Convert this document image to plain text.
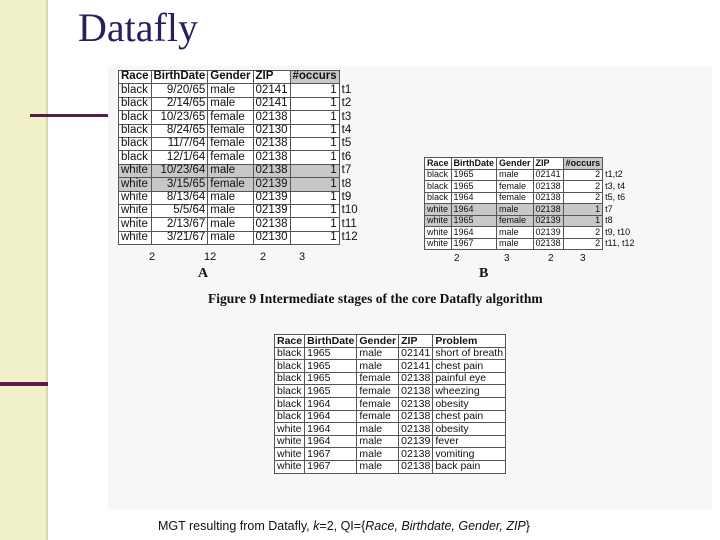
Datafly
Race	BirthDate	Gender	ZIP	#occurs	
black	9/20/65	male	02141	1	t1
black	2/14/65	male	02141	1	t2
black	10/23/65	female	02138	1	t3
black	8/24/65	female	02130	1	t4
black	11/7/64	female	02138	1	t5
black	12/1/64	female	02138	1	t6
white	10/23/64	male	02138	1	t7
white	3/15/65	female	02139	1	t8
white	8/13/64	male	02139	1	t9
white	5/5/64	male	02139	1	t10
white	2/13/67	male	02138	1	t11
white	3/21/67	male	02130	1	t12
2	12	2	3
A
Race	BirthDate	Gender	ZIP	#occurs	
black	1965	male	02141	2	t1,t2
black	1965	female	02138	2	t3, t4
black	1964	female	02138	2	t5, t6
white	1964	male	02138	1	t7
white	1965	female	02139	1	t8
white	1964	male	02139	2	t9, t10
white	1967	male	02138	2	t11, t12
2	3	2	3
B

Figure 9 Intermediate stages of the core Datafly algorithm

Race	BirthDate	Gender	ZIP	Problem
black	1965	male	02141	short of breath
black	1965	male	02141	chest pain
black	1965	female	02138	painful eye
black	1965	female	02138	wheezing
black	1964	female	02138	obesity
black	1964	female	02138	chest pain
white	1964	male	02138	obesity
white	1964	male	02139	fever
white	1967	male	02138	vomiting
white	1967	male	02138	back pain

MGT resulting from Datafly, k=2, QI={Race, Birthdate, Gender, ZIP}
